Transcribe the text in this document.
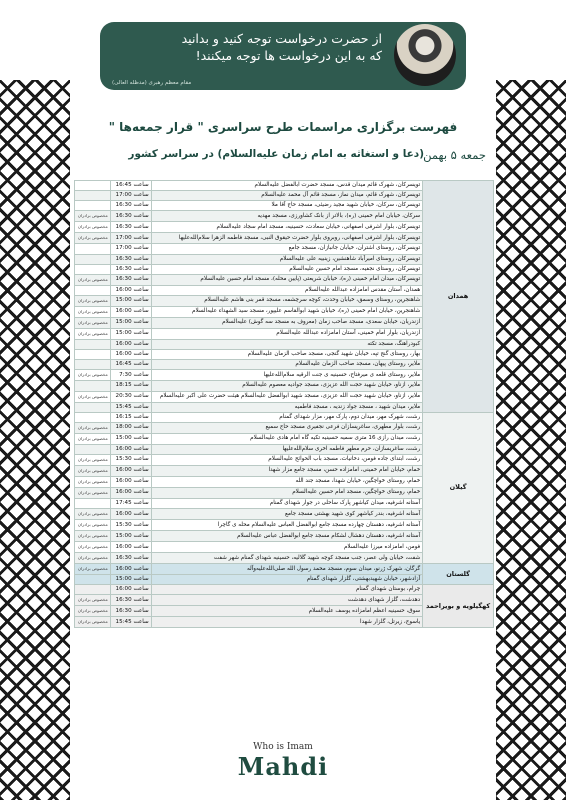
از حضرت درخواست توجه کنید و بدانید
که به این درخواست ها توجه میکنند!
مقام معظم رهبری (مدظله العالی)
فهرست برگزاری مراسمات طرح سراسری " قرار جمعه‌ها "
جمعه ۵ بهمن
(دعا و استغاثه به امام زمان علیه‌السلام) در سراسر کشور
همدان	تویسرکان، شهرک قائم میدان قدس، مسجد حضرت ابالفضل علیه‌السلام	ساعت 16:45	
	تویسرکان، شهرک قائم، میدان نماز، مسجد قائم آل محمد علیه‌السلام	ساعت 17:00	
	تویسرکان، سرکان، خیابان شهید مجید رضیئی، مسجد حاج آقا ملا	ساعت 16:30	
	سرکان، خیابان امام خمینی (ره)، بالاتر از بانک کشاورزی، مسجد مهدیه	ساعت 16:30	مخصوص برادران
	تویسرکان، بلوار اشرفی اصفهانی، خیابان سعادت، حسینیه، مسجد امام سجاد علیه‌السلام	ساعت 16:30	مخصوص برادران
	تویسرکان، بلوار اشرفی اصفهانی، روبروی بلوار حضرت حیقوق النبی، مسجد فاطمه الزهرا سلام‌الله‌علیها	ساعت 17:00	مخصوص برادران
	تویسرکان، روستای اشتران، خیابان جانبازان، مسجد جامع	ساعت 17:00	
	تویسرکان، روستای امیرآباد شاهنشین، زینبیه علی علیه‌السلام	ساعت 16:30	
	تویسرکان، روستای نجفیه، مسجد امام حسین علیه‌السلام	ساعت 16:30	
	تویسرکان، میدان امام خمینی (ره)، خیابان شریعتی (پایین محله)، مسجد امام حسین علیه‌السلام	ساعت 16:30	مخصوص برادران
	همدان، آستان مقدس امامزاده عبدالله علیه‌السلام	ساعت 16:00	
	شاهنجرین، روستای وسمق، خیابان وحدت، کوچه سرچشمه، مسجد قمر بنی هاشم علیه‌السلام	ساعت 15:00	مخصوص برادران
	شاهنجرین، خیابان امام خمینی (ره)، خیابان شهید ابوالقاسم علیپور، مسجد سید الشهداء علیه‌السلام	ساعت 16:00	مخصوص برادران
	ازندریان، خیابان سعدی، مسجد صاحب زمان (معروف به مسجد سه گوش) علیه‌السلام	ساعت 15:00	مخصوص برادران
	ازندریان، بلوار امام خمینی، آستان امامزاده عبدالله علیه‌السلام	ساعت 15:00	مخصوص برادران
	کبودراهنگ، مسجد تکته	ساعت 16:00	
	بهار، روستای گنج تپه، خیابان شهید گنجی، مسجد صاحب الزمان علیه‌السلام	ساعت 16:00	
	ملایر، روستای پیهان، مسجد صاحب الزمان علیه‌السلام	ساعت 16:45	
	ملایر، روستای قلعه ی میرفتاح، حسینیه ی جنت الرقیه سلام‌الله‌علیها	ساعت 7:30	مخصوص برادران
	ملایر، ازناو، خیابان شهید حجت الله عزیزی، مسجد جوادیه معصوم علیه‌السلام	ساعت 18:15	
	ملایر، ازناو، خیابان شهید حجت الله عزیزی، مسجد شهید ابوالفضل علیه‌السلام هیئت حضرت علی اکبر علیه‌السلام	ساعت 20:30	مخصوص برادران
	ملایر، میدان شهید ، مسجد جواد زندیه ، مسجد فاطمیه	ساعت 15:45	
گیلان	رشت، شهرک مهر، میدان دوم، پارک مهر، مزار شهدای گمنام	ساعت 16:15	
	رشت، بلوار مطهری، ساغریسازان فرعی نجفیری مسجد حاج سمیع	ساعت 18:00	مخصوص برادران
	رشت، میدان رازی 16 متری سمیه حسینیه تکیه گاه امام هادی علیه‌السلام	ساعت 15:00	مخصوص برادران
	رشت، ساغریسازان، حرم مطهر فاطمه اخری سلام‌الله‌علیها	ساعت 16:00	
	رشت، ابتدای جاده فومن، دخانیات، مسجد باب الحوائج علیه‌السلام	ساعت 15:30	مخصوص برادران
	خمام، خیابان امام خمینی، امامزاده حسن، مسجد جامع مزار شهدا	ساعت 16:00	مخصوص برادران
	خمام، روستای خواچگین، خیابان شهدا، مسجد جند الله	ساعت 16:00	مخصوص برادران
	خمام، روستای خواچگین، مسجد امام حسین علیه‌السلام	ساعت 16:00	مخصوص برادران
	آستانه اشرفیه، میدان کیاشهر پارک ساحلی در جوار شهدای گمنام	ساعت 17:45	
	آستانه اشرفیه، بندر کیاشهر کوی شهید بهشتی مسجد جامع	ساعت 16:00	مخصوص برادران
	آستانه اشرفیه، دهستان چهارده مسجد جامع ابوالفضل العباس علیه‌السلام محله ی گاچرا	ساعت 15:30	مخصوص برادران
	آستانه اشرفیه، دهستان دهشال لشکام مسجد جامع ابوالفضل عباس علیه‌السلام	ساعت 15:00	مخصوص برادران
	فومن، امامزاده میرزا علیه‌السلام	ساعت 16:00	مخصوص برادران
	شفت، خیابان ولی عصر، جنب مسجد کوچه شهید گلالیه، حسینیه شهدای گمنام شهر شفت	ساعت 16:30	مخصوص برادران
گلستان	گرگان، شهرک ژرنو، میدان سوم، مسجد محمد رسول الله صلی‌الله‌علیه‌وآله	ساعت 16:00	مخصوص برادران
	آزادشهر، خیابان شهیدبهشتی، گلزار شهدای گمنام	ساعت 15:00	
کهگیلویه و بویراحمد	چرام، بوستان شهدای گمنام	ساعت 16:00	
	دهدشت، گلزار شهدای دهدشت	ساعت 16:30	مخصوص برادران
	سوق، حسینیه اعظم امامزاده یوسف علیه‌السلام	ساعت 16:30	مخصوص برادران
	یاسوج، زیرتل، گلزار شهدا	ساعت 15:45	مخصوص برادران
Who is Imam
Mahdi
